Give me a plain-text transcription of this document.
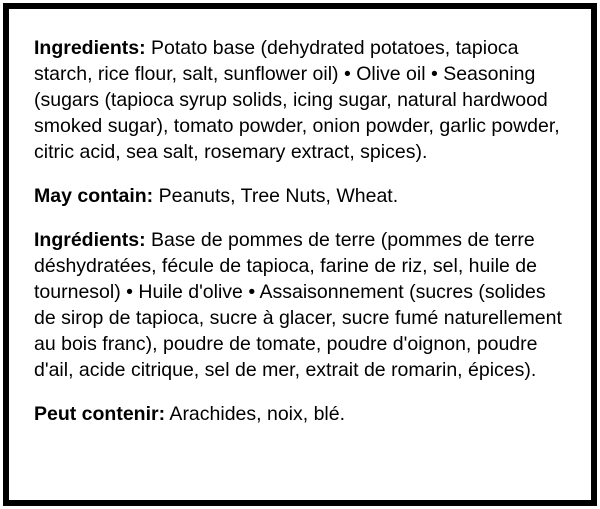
Ingredients: Potato base (dehydrated potatoes, tapioca starch, rice flour, salt, sunflower oil) • Olive oil • Seasoning (sugars (tapioca syrup solids, icing sugar, natural hardwood smoked sugar), tomato powder, onion powder, garlic powder, citric acid, sea salt, rosemary extract, spices).

May contain: Peanuts, Tree Nuts, Wheat.

Ingrédients: Base de pommes de terre (pommes de terre déshydratées, fécule de tapioca, farine de riz, sel, huile de tournesol) • Huile d'olive • Assaisonnement (sucres (solides de sirop de tapioca, sucre à glacer, sucre fumé naturellement au bois franc), poudre de tomate, poudre d'oignon, poudre d'ail, acide citrique, sel de mer, extrait de romarin, épices).

Peut contenir: Arachides, noix, blé.
